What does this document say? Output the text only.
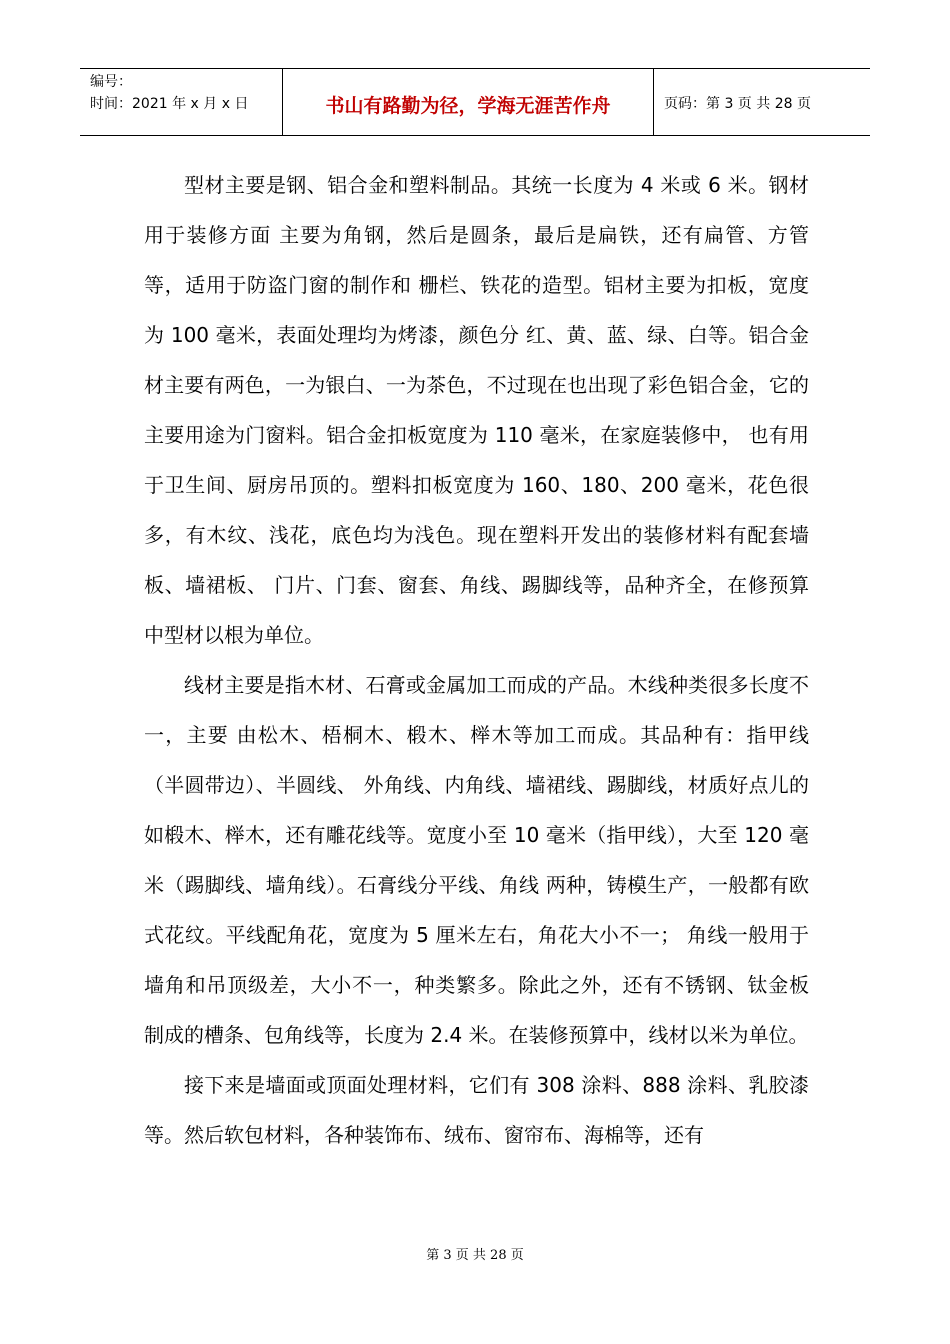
编号：
时间：2021 年 x 月 x 日	书山有路勤为径，学海无涯苦作舟	页码：第 3 页 共 28 页

型材主要是钢、铝合金和塑料制品。其统一长度为 4 米或 6 米。钢材用于装修方面 主要为角钢，然后是圆条，最后是扁铁，还有扁管、方管等，适用于防盗门窗的制作和 栅栏、铁花的造型。铝材主要为扣板，宽度为 100 毫米，表面处理均为烤漆，颜色分 红、黄、蓝、绿、白等。铝合金材主要有两色，一为银白、一为茶色，不过现在也出现了彩色铝合金，它的主要用途为门窗料。铝合金扣板宽度为 110 毫米，在家庭装修中， 也有用于卫生间、厨房吊顶的。塑料扣板宽度为 160、180、200 毫米，花色很 多，有木纹、浅花，底色均为浅色。现在塑料开发出的装修材料有配套墙板、墙裙板、 门片、门套、窗套、角线、踢脚线等，品种齐全，在修预算中型材以根为单位。

线材主要是指木材、石膏或金属加工而成的产品。木线种类很多长度不一，主要 由松木、梧桐木、椴木、榉木等加工而成。其品种有：指甲线（半圆带边）、半圆线、 外角线、内角线、墙裙线、踢脚线，材质好点儿的如椴木、榉木，还有雕花线等。宽度小至 10 毫米（指甲线），大至 120 毫米（踢脚线、墙角线）。石膏线分平线、角线 两种，铸模生产，一般都有欧式花纹。平线配角花，宽度为 5 厘米左右，角花大小不一； 角线一般用于墙角和吊顶级差，大小不一，种类繁多。除此之外，还有不锈钢、钛金板 制成的槽条、包角线等，长度为 2.4 米。在装修预算中，线材以米为单位。

接下来是墙面或顶面处理材料，它们有 308 涂料、888 涂料、乳胶漆等。然后软包材料，各种装饰布、绒布、窗帘布、海棉等，还有

第 3 页 共 28 页
